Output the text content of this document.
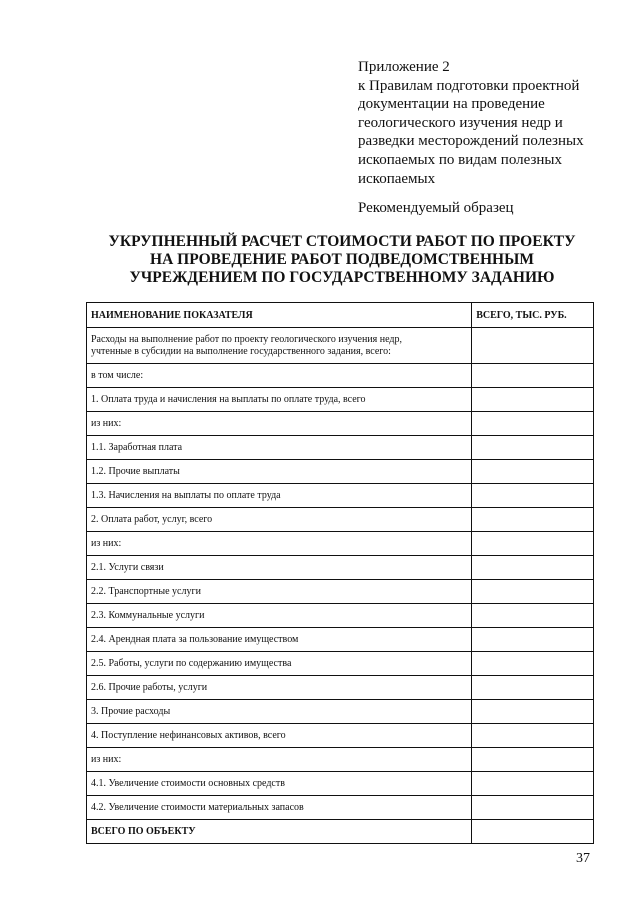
Приложение 2
к Правилам подготовки проектной
документации на проведение
геологического изучения недр и
разведки месторождений полезных
ископаемых по видам полезных
ископаемых
Рекомендуемый образец
УКРУПНЕННЫЙ РАСЧЕТ СТОИМОСТИ РАБОТ ПО ПРОЕКТУ
НА ПРОВЕДЕНИЕ РАБОТ ПОДВЕДОМСТВЕННЫМ
УЧРЕЖДЕНИЕМ ПО ГОСУДАРСТВЕННОМУ ЗАДАНИЮ
НАИМЕНОВАНИЕ ПОКАЗАТЕЛЯ	ВСЕГО, ТЫС. РУБ.
Расходы на выполнение работ по проекту геологического изучения недр,
учтенные в субсидии на выполнение государственного задания, всего:	
в том числе:	
1. Оплата труда и начисления на выплаты по оплате труда, всего	
из них:	
1.1. Заработная плата	
1.2. Прочие выплаты	
1.3. Начисления на выплаты по оплате труда	
2. Оплата работ, услуг, всего	
из них:	
2.1. Услуги связи	
2.2. Транспортные услуги	
2.3. Коммунальные услуги	
2.4. Арендная плата за пользование имуществом	
2.5. Работы, услуги по содержанию имущества	
2.6. Прочие работы, услуги	
3. Прочие расходы	
4. Поступление нефинансовых активов, всего	
из них:	
4.1. Увеличение стоимости основных средств	
4.2. Увеличение стоимости материальных запасов	
ВСЕГО ПО ОБЪЕКТУ	
37
